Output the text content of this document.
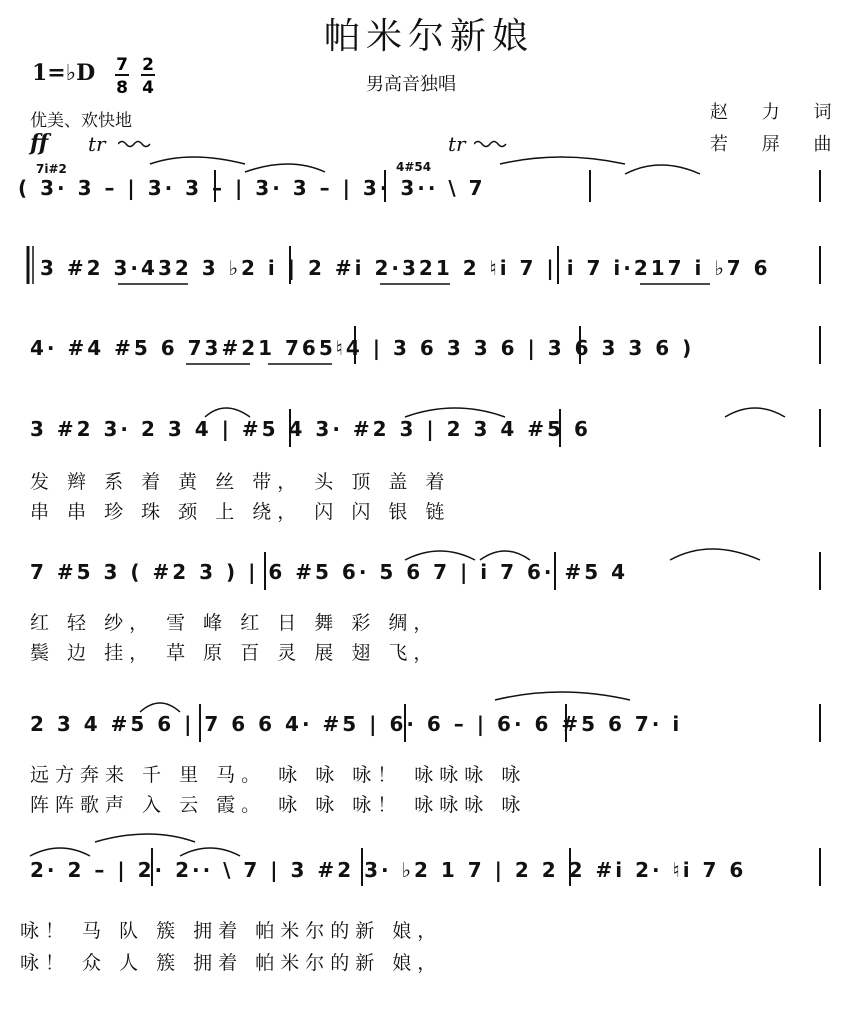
帕米尔新娘
1=♭D 7
8
2
4	男高音独唱
优美、欢快地	赵 力 词
若 屏 曲
ff tr	tr
7i#2	4#54
( 3· 3 – | 3· 3 – | 3· 3 – | 3· 3·· \ 7
3 #2 3·432 3 ♭2 i | 2 #i 2·321 2 ♮i 7 | i 7 i·217 i ♭7 6
4· #4 #5 6 73#21 765♮4 | 3 6 3 3 6 | 3 6 3 3 6 )
3 #2 3· 2 3 4 | #5 4 3· #2 3 | 2 3 4 #5 6
发 辫 系 着 黄 丝 带， 头 顶 盖 着
串 串 珍 珠 颈 上 绕， 闪 闪 银 链
7 #5 3 ( #2 3 ) | 6 #5 6· 5 6 7 | i 7 6· #5 4
红 轻 纱， 雪 峰 红 日 舞 彩 绸，
鬓 边 挂， 草 原 百 灵 展 翅 飞，
2 3 4 #5 6 | 7 6 6 4· #5 | 6· 6 – | 6· 6 #5 6 7· i
远方奔来 千 里 马。 咏 咏 咏！ 咏咏咏 咏
阵阵歌声 入 云 霞。 咏 咏 咏！ 咏咏咏 咏
2· 2 – | 2· 2·· \ 7 | 3 #2 3· ♭2 1 7 | 2 2 2 #i 2· ♮i 7 6
咏！ 马 队 簇 拥着 帕米尔的新 娘，
咏！ 众 人 簇 拥着 帕米尔的新 娘，
